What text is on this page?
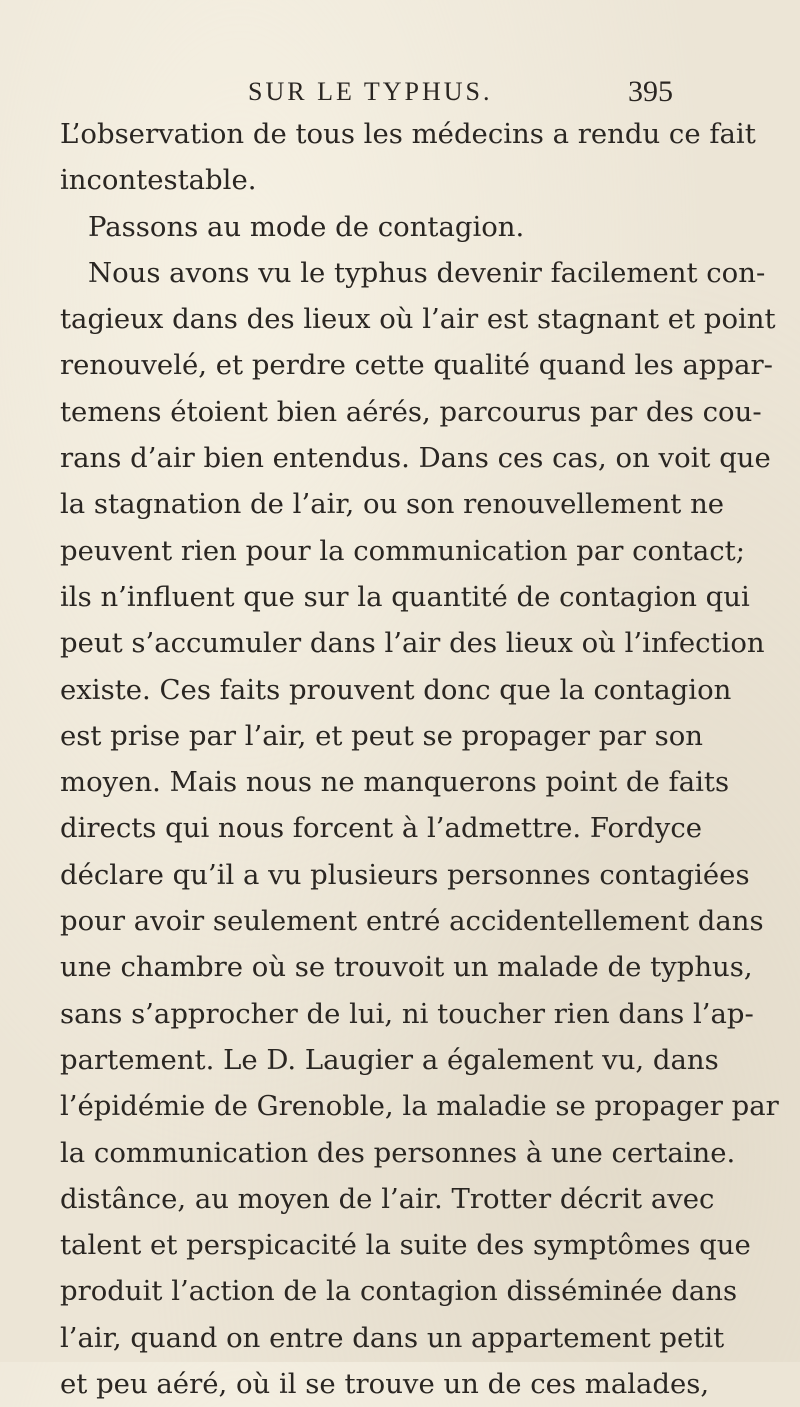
SUR LE TYPHUS.	395
L’observation de tous les médecins a rendu ce fait
incontestable.
Passons au mode de contagion.
Nous avons vu le typhus devenir facilement con-
tagieux dans des lieux où l’air est stagnant et point
renouvelé, et perdre cette qualité quand les appar-
temens étoient bien aérés, parcourus par des cou-
rans d’air bien entendus. Dans ces cas, on voit que
la stagnation de l’air, ou son renouvellement ne
peuvent rien pour la communication par contact;
ils n’influent que sur la quantité de contagion qui
peut s’accumuler dans l’air des lieux où l’infection
existe. Ces faits prouvent donc que la contagion
est prise par l’air, et peut se propager par son
moyen. Mais nous ne manquerons point de faits
directs qui nous forcent à l’admettre. Fordyce
déclare qu’il a vu plusieurs personnes contagiées
pour avoir seulement entré accidentellement dans
une chambre où se trouvoit un malade de typhus,
sans s’approcher de lui, ni toucher rien dans l’ap-
partement. Le D. Laugier a également vu, dans
l’épidémie de Grenoble, la maladie se propager par
la communication des personnes à une certaine.
distânce, au moyen de l’air. Trotter décrit avec
talent et perspicacité la suite des symptômes que
produit l’action de la contagion disséminée dans
l’air, quand on entre dans un appartement petit
et peu aéré, où il se trouve un de ces malades,
